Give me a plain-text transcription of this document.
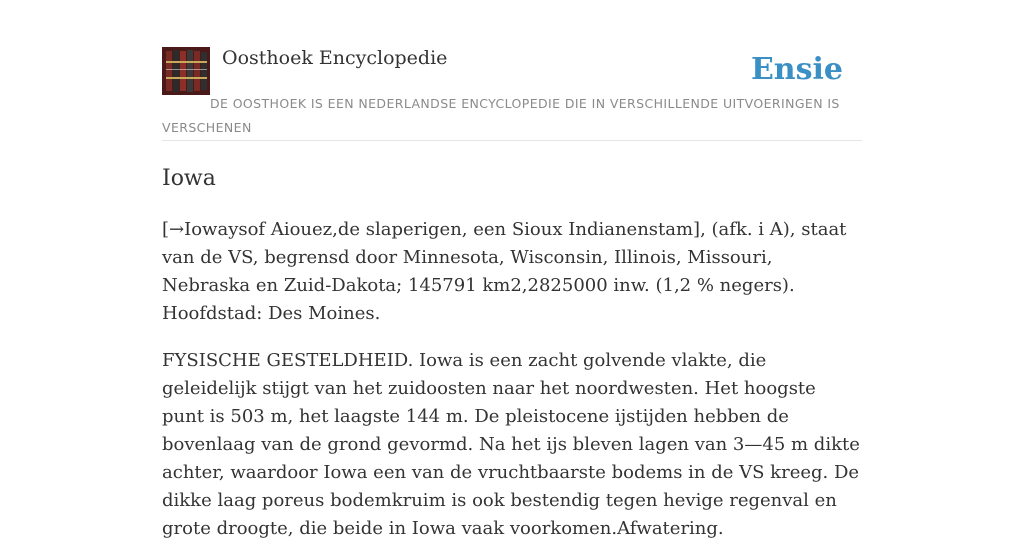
Oosthoek Encyclopedie	Ensie
DE OOSTHOEK IS EEN NEDERLANDSE ENCYCLOPEDIE DIE IN VERSCHILLENDE UITVOERINGEN IS VERSCHENEN
Iowa

[→Iowaysof Aiouez,de slaperigen, een Sioux Indianenstam], (afk. i A), staat van de VS, begrensd door Minnesota, Wisconsin, Illinois, Missouri, Nebraska en Zuid-Dakota; 145791 km2,2825000 inw. (1,2 % negers). Hoofdstad: Des Moines.

FYSISCHE GESTELDHEID. Iowa is een zacht golvende vlakte, die geleidelijk stijgt van het zuidoosten naar het noordwesten. Het hoogste punt is 503 m, het laagste 144 m. De pleistocene ijstijden hebben de bovenlaag van de grond gevormd. Na het ijs bleven lagen van 3—45 m dikte achter, waardoor Iowa een van de vruchtbaarste bodems in de VS kreeg. De dikke laag poreus bodemkruim is ook bestendig tegen hevige regenval en grote droogte, die beide in Iowa vaak voorkomen.Afwatering.
